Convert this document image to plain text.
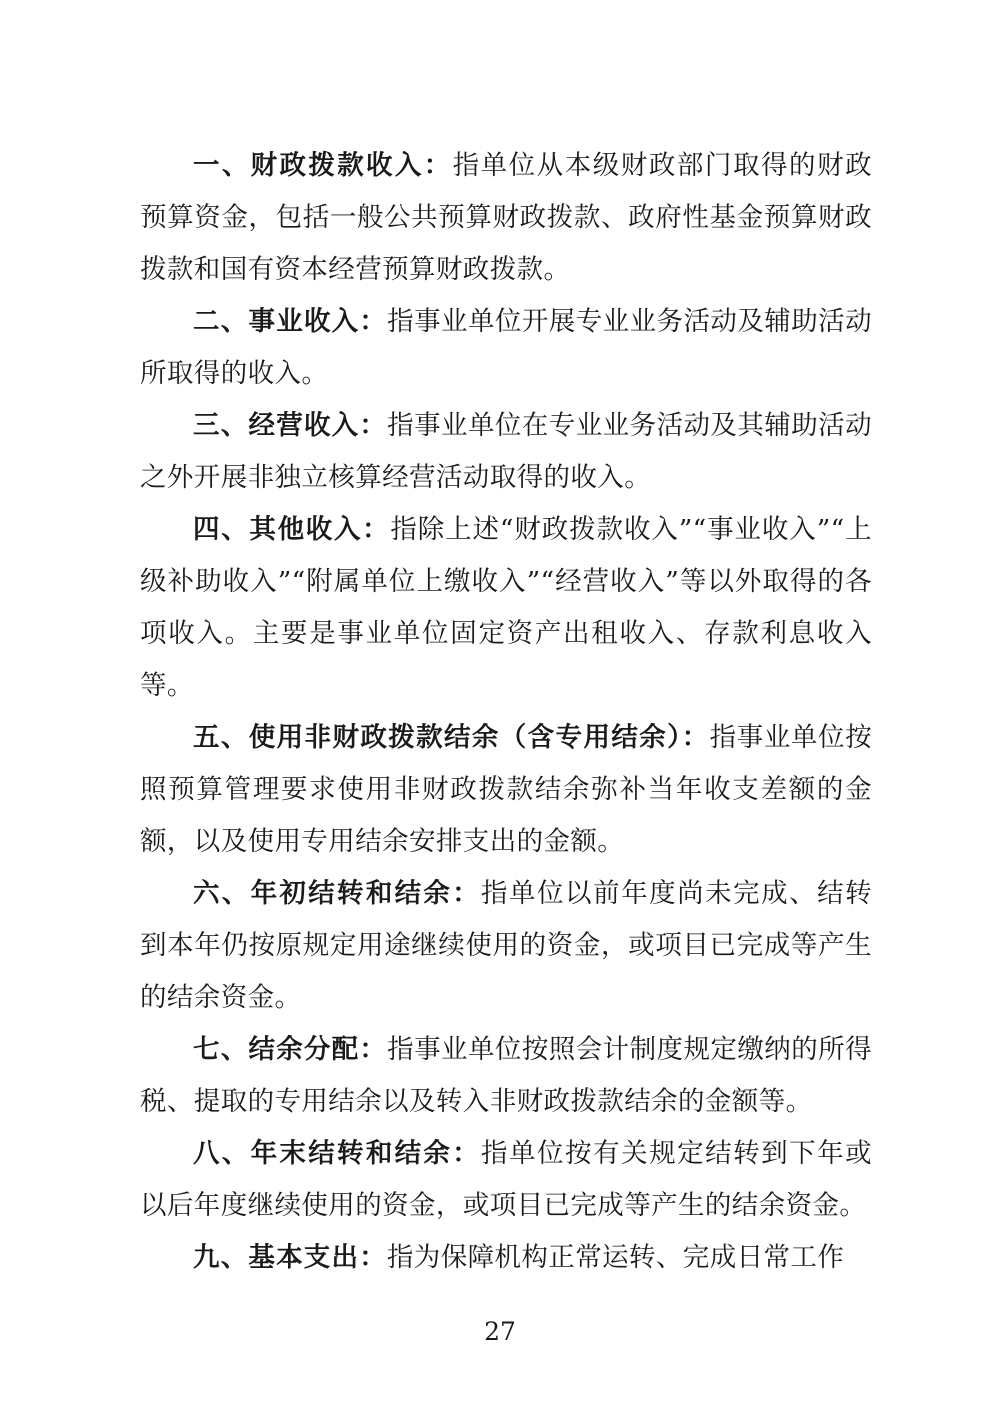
一、财政拨款收入：指单位从本级财政部门取得的财政预算资金，包括一般公共预算财政拨款、政府性基金预算财政拨款和国有资本经营预算财政拨款。

二、事业收入：指事业单位开展专业业务活动及辅助活动所取得的收入。

三、经营收入：指事业单位在专业业务活动及其辅助活动之外开展非独立核算经营活动取得的收入。

四、其他收入：指除上述“财政拨款收入”“事业收入”“上级补助收入”“附属单位上缴收入”“经营收入”等以外取得的各项收入。主要是事业单位固定资产出租收入、存款利息收入等。

五、使用非财政拨款结余（含专用结余）：指事业单位按照预算管理要求使用非财政拨款结余弥补当年收支差额的金额，以及使用专用结余安排支出的金额。

六、年初结转和结余：指单位以前年度尚未完成、结转到本年仍按原规定用途继续使用的资金，或项目已完成等产生的结余资金。

七、结余分配：指事业单位按照会计制度规定缴纳的所得税、提取的专用结余以及转入非财政拨款结余的金额等。

八、年末结转和结余：指单位按有关规定结转到下年或以后年度继续使用的资金，或项目已完成等产生的结余资金。

九、基本支出：指为保障机构正常运转、完成日常工作

27
